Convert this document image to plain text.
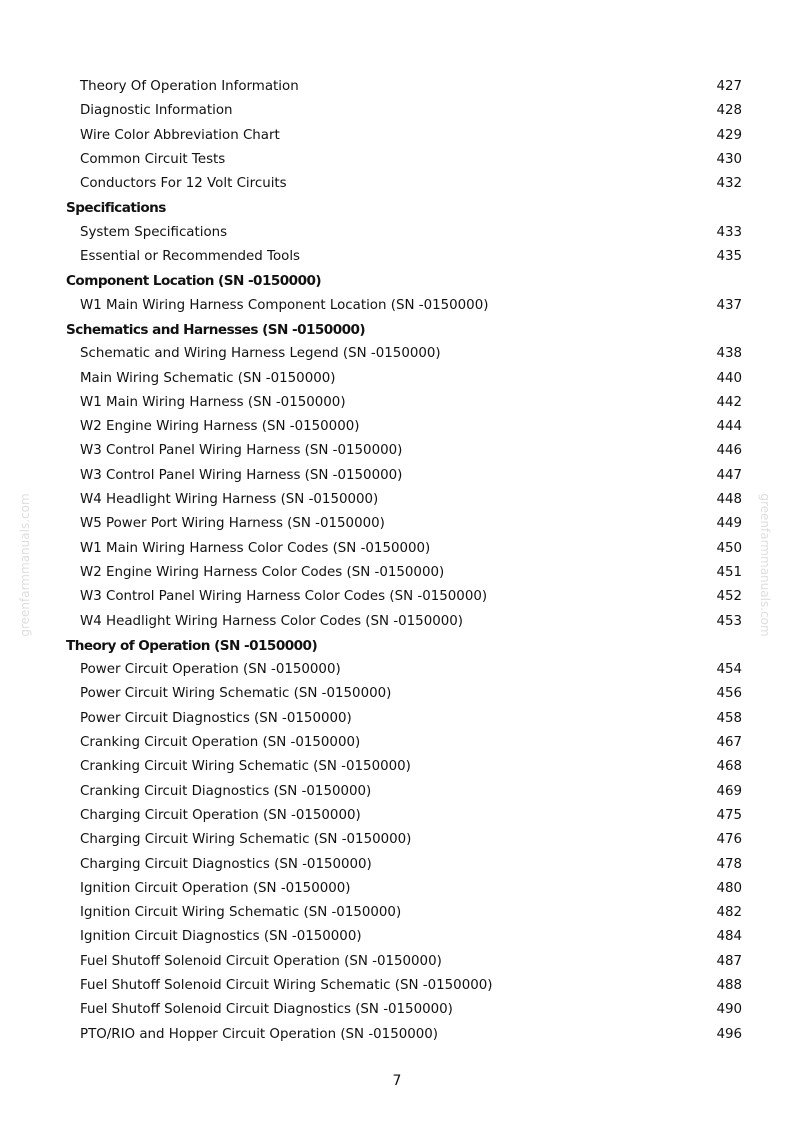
greenfarmmanuals.com	greenfarmmanuals.com
Theory Of Operation Information	427
Diagnostic Information	428
Wire Color Abbreviation Chart	429
Common Circuit Tests	430
Conductors For 12 Volt Circuits	432
Specifications
System Specifications	433
Essential or Recommended Tools	435
Component Location (SN -0150000)
W1 Main Wiring Harness Component Location (SN -0150000)	437
Schematics and Harnesses (SN -0150000)
Schematic and Wiring Harness Legend (SN -0150000)	438
Main Wiring Schematic (SN -0150000)	440
W1 Main Wiring Harness (SN -0150000)	442
W2 Engine Wiring Harness (SN -0150000)	444
W3 Control Panel Wiring Harness (SN -0150000)	446
W3 Control Panel Wiring Harness (SN -0150000)	447
W4 Headlight Wiring Harness (SN -0150000)	448
W5 Power Port Wiring Harness (SN -0150000)	449
W1 Main Wiring Harness Color Codes (SN -0150000)	450
W2 Engine Wiring Harness Color Codes (SN -0150000)	451
W3 Control Panel Wiring Harness Color Codes (SN -0150000)	452
W4 Headlight Wiring Harness Color Codes (SN -0150000)	453
Theory of Operation (SN -0150000)
Power Circuit Operation (SN -0150000)	454
Power Circuit Wiring Schematic (SN -0150000)	456
Power Circuit Diagnostics (SN -0150000)	458
Cranking Circuit Operation (SN -0150000)	467
Cranking Circuit Wiring Schematic (SN -0150000)	468
Cranking Circuit Diagnostics (SN -0150000)	469
Charging Circuit Operation (SN -0150000)	475
Charging Circuit Wiring Schematic (SN -0150000)	476
Charging Circuit Diagnostics (SN -0150000)	478
Ignition Circuit Operation (SN -0150000)	480
Ignition Circuit Wiring Schematic (SN -0150000)	482
Ignition Circuit Diagnostics (SN -0150000)	484
Fuel Shutoff Solenoid Circuit Operation (SN -0150000)	487
Fuel Shutoff Solenoid Circuit Wiring Schematic (SN -0150000)	488
Fuel Shutoff Solenoid Circuit Diagnostics (SN -0150000)	490
PTO/RIO and Hopper Circuit Operation (SN -0150000)	496
7
